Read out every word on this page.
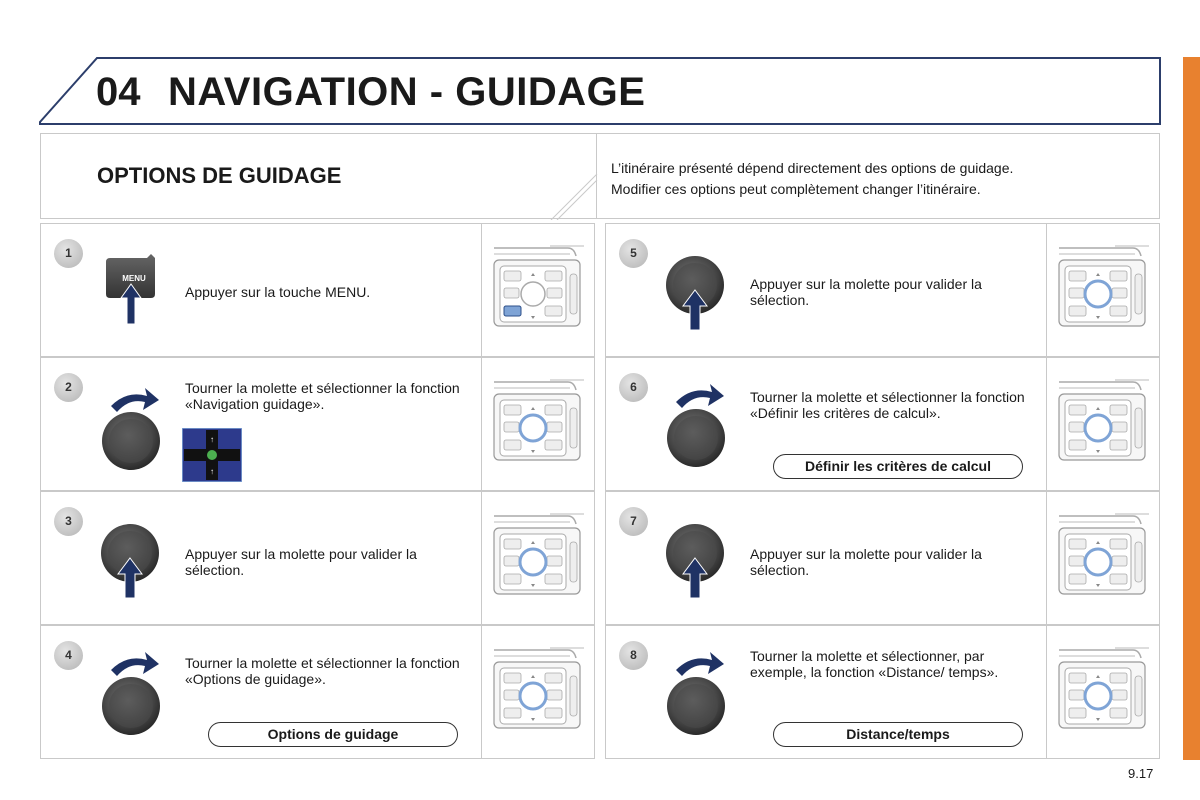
04 NAVIGATION - GUIDAGE
OPTIONS DE GUIDAGE	L’itinéraire présenté dépend directement des options de guidage.
Modifier ces options peut complètement changer l’itinéraire.
1
MENU
Appuyer sur la touche MENU.
2
↑
↑
Tourner la molette et sélectionner la fonction «Navigation guidage».
3
Appuyer sur la molette pour valider la sélection.
4	Tourner la molette et sélectionner la fonction «Options de guidage».
Options de guidage
5
Appuyer sur la molette pour valider la sélection.
6
Tourner la molette et sélectionner la fonction «Définir les critères de calcul».
Définir les critères de calcul
7
Appuyer sur la molette pour valider la sélection.
8	Tourner la molette et sélectionner, par exemple, la fonction «Distance/ temps».
Distance/temps
9.17
